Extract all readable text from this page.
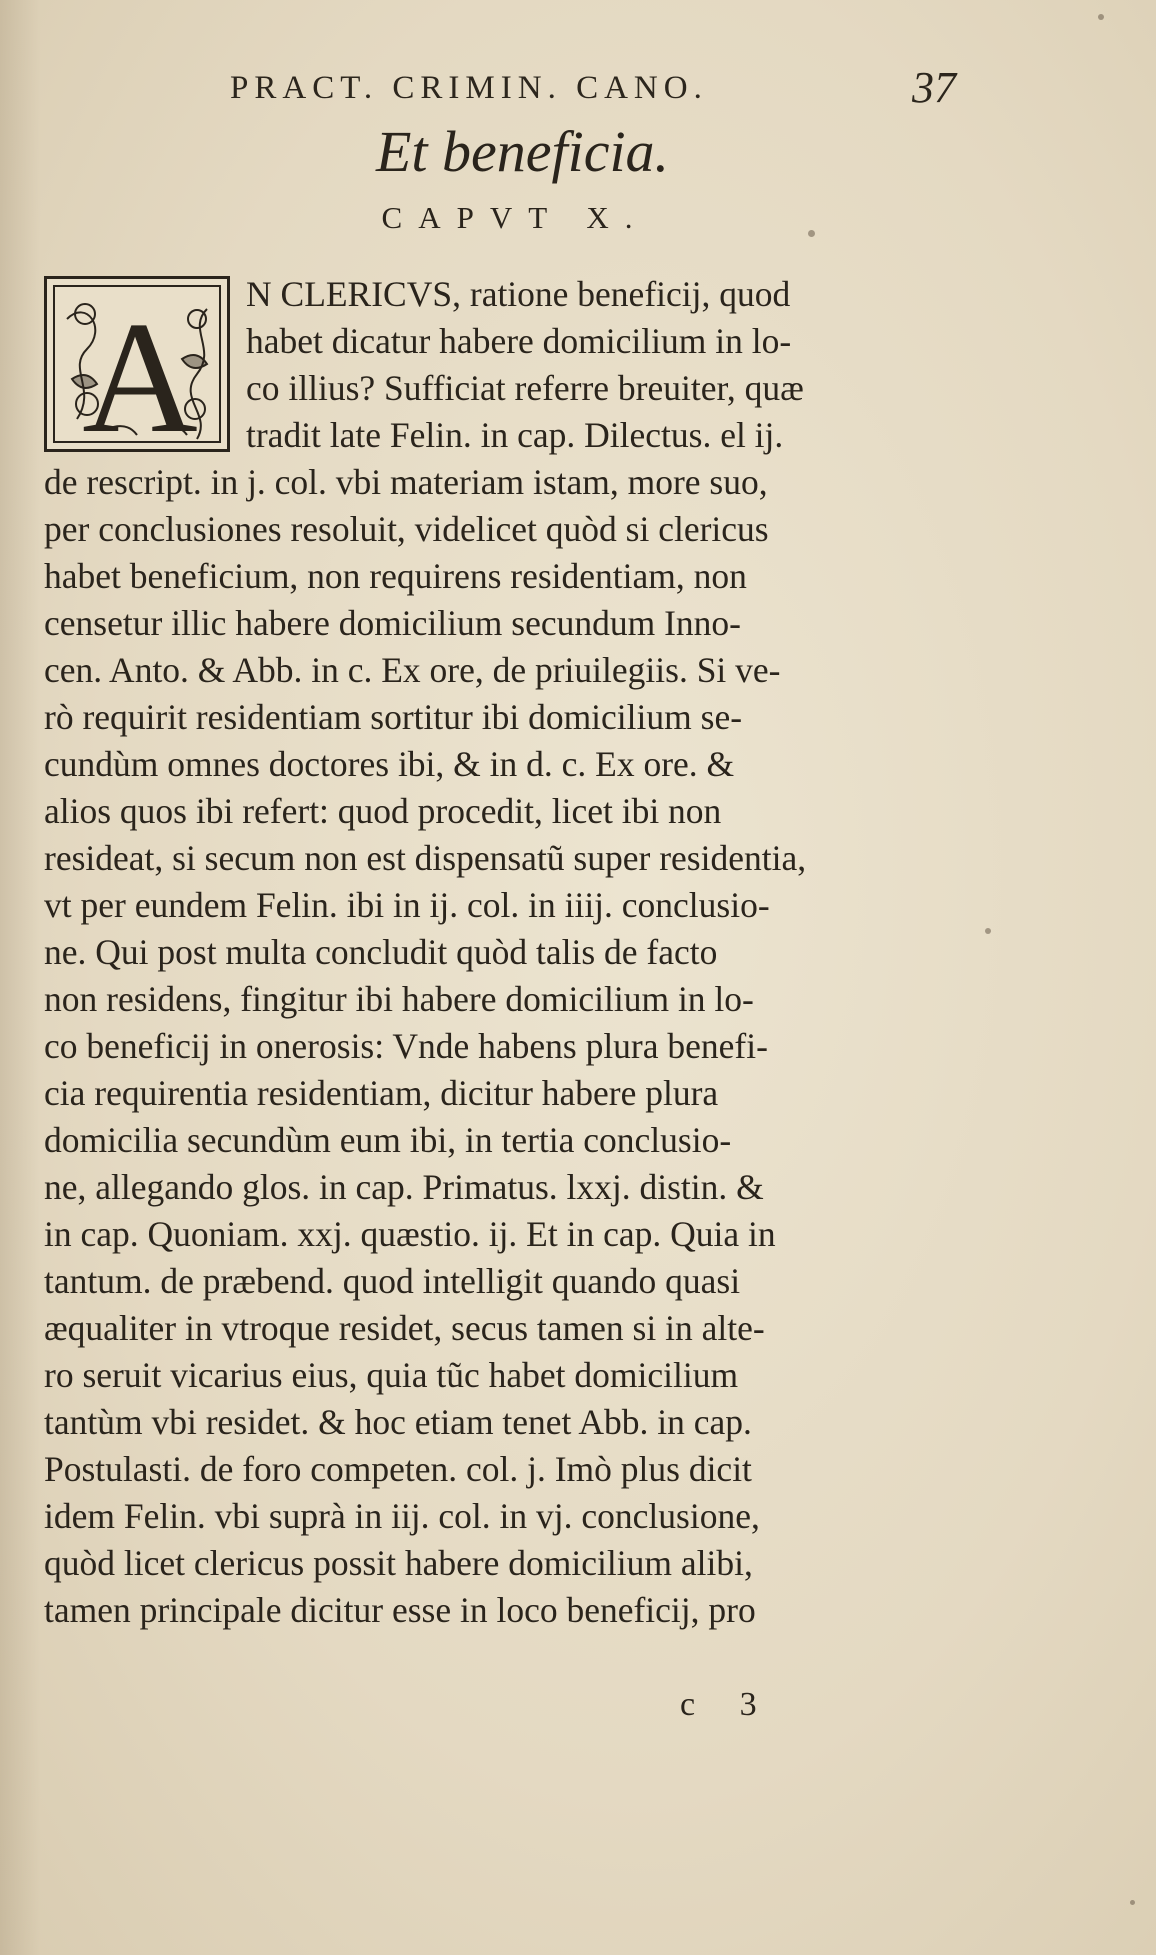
PRACT. CRIMIN. CANO.	37
Et beneficia.
CAPVT X.
A N CLERICVS, ratione beneficij, quod
habet dicatur habere domicilium in lo-
co illius? Sufficiat referre breuiter, quæ
tradit late Felin. in cap. Dilectus. el ij.
de rescript. in j. col. vbi materiam istam, more suo,
per conclusiones resoluit, videlicet quòd si clericus
habet beneficium, non requirens residentiam, non
censetur illic habere domicilium secundum Inno-
cen. Anto. & Abb. in c. Ex ore, de priuilegiis. Si ve-
rò requirit residentiam sortitur ibi domicilium se-
cundùm omnes doctores ibi, & in d. c. Ex ore. &
alios quos ibi refert: quod procedit, licet ibi non
resideat, si secum non est dispensatũ super residentia,
vt per eundem Felin. ibi in ij. col. in iiij. conclusio-
ne. Qui post multa concludit quòd talis de facto
non residens, fingitur ibi habere domicilium in lo-
co beneficij in onerosis: Vnde habens plura benefi-
cia requirentia residentiam, dicitur habere plura
domicilia secundùm eum ibi, in tertia conclusio-
ne, allegando glos. in cap. Primatus. lxxj. distin. &
in cap. Quoniam. xxj. quæstio. ij. Et in cap. Quia in
tantum. de præbend. quod intelligit quando quasi
æqualiter in vtroque residet, secus tamen si in alte-
ro seruit vicarius eius, quia tũc habet domicilium
tantùm vbi residet. & hoc etiam tenet Abb. in cap.
Postulasti. de foro competen. col. j. Imò plus dicit
idem Felin. vbi suprà in iij. col. in vj. conclusione,
quòd licet clericus possit habere domicilium alibi,
tamen principale dicitur esse in loco beneficij, pro
c 3
